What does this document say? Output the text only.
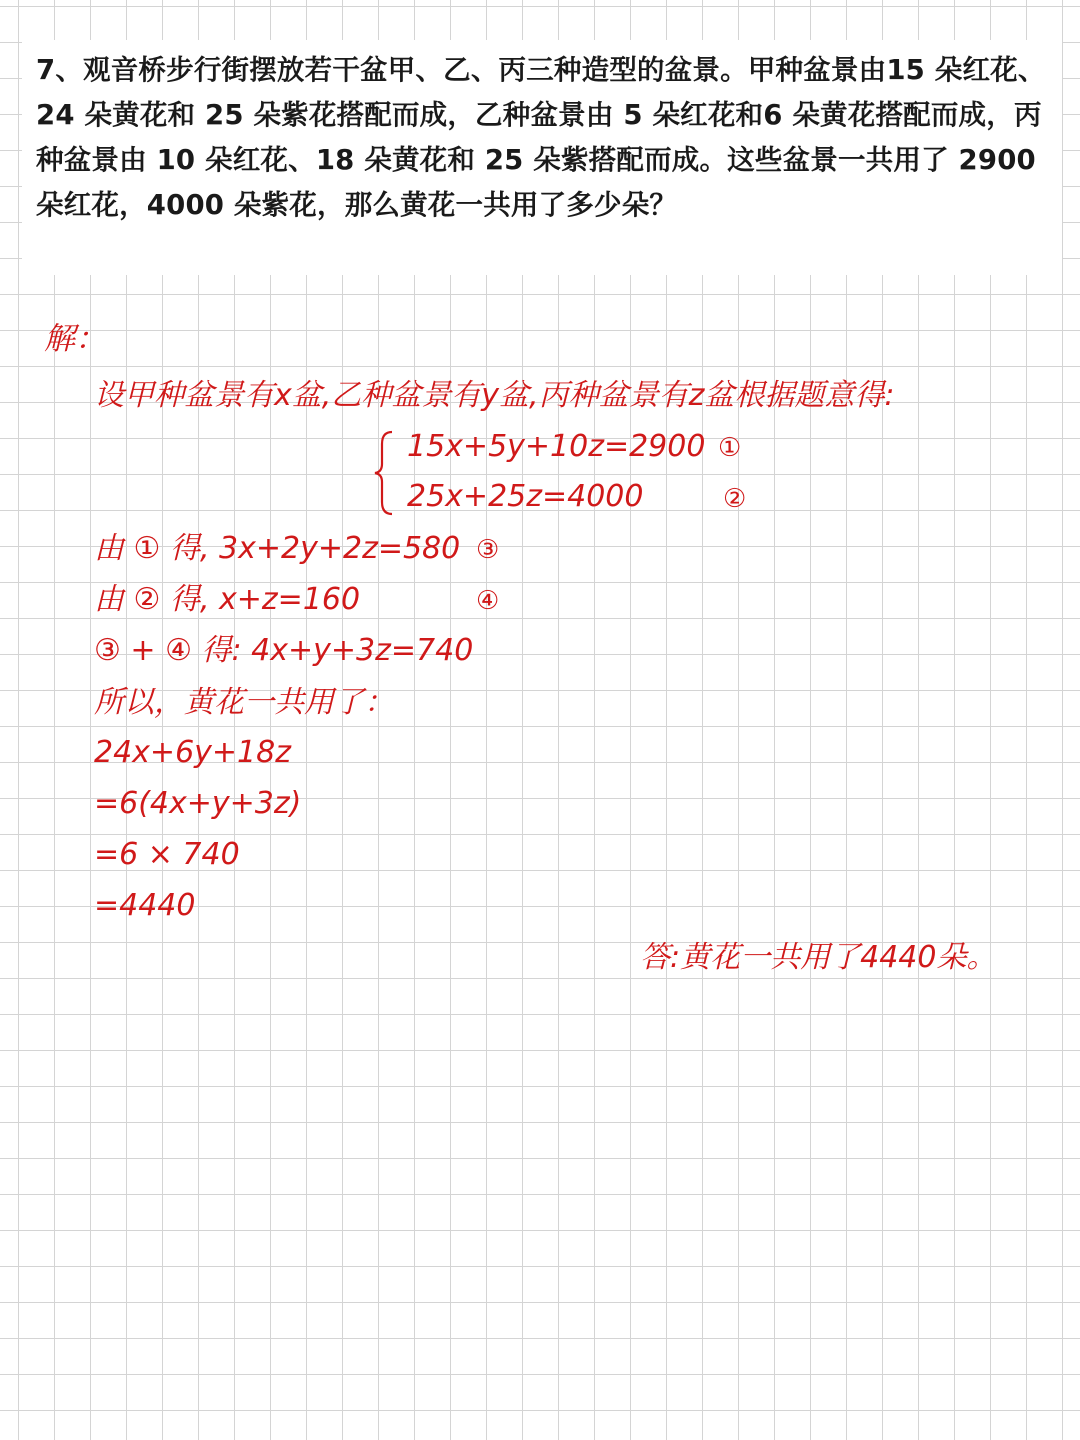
7、观音桥步行街摆放若干盆甲、乙、丙三种造型的盆景。甲种盆景由15 朵红花、24 朵黄花和 25 朵紫花搭配而成，乙种盆景由 5 朵红花和6 朵黄花搭配而成，丙种盆景由 10 朵红花、18 朵黄花和 25 朵紫搭配而成。这些盆景一共用了 2900 朵红花，4000 朵紫花，那么黄花一共用了多少朵？

解：
设甲种盆景有x盆,乙种盆景有y盆,丙种盆景有z盆根据题意得:
15x+5y+10z=2900 ①
25x+25z=4000	②
由 ① 得, 3x+2y+2z=580 ③
由 ② 得, x+z=160	④
③ + ④ 得: 4x+y+3z=740
所以，黄花一共用了：
24x+6y+18z
=6(4x+y+3z)
=6 × 740
=4440
答:黄花一共用了4440朵。
